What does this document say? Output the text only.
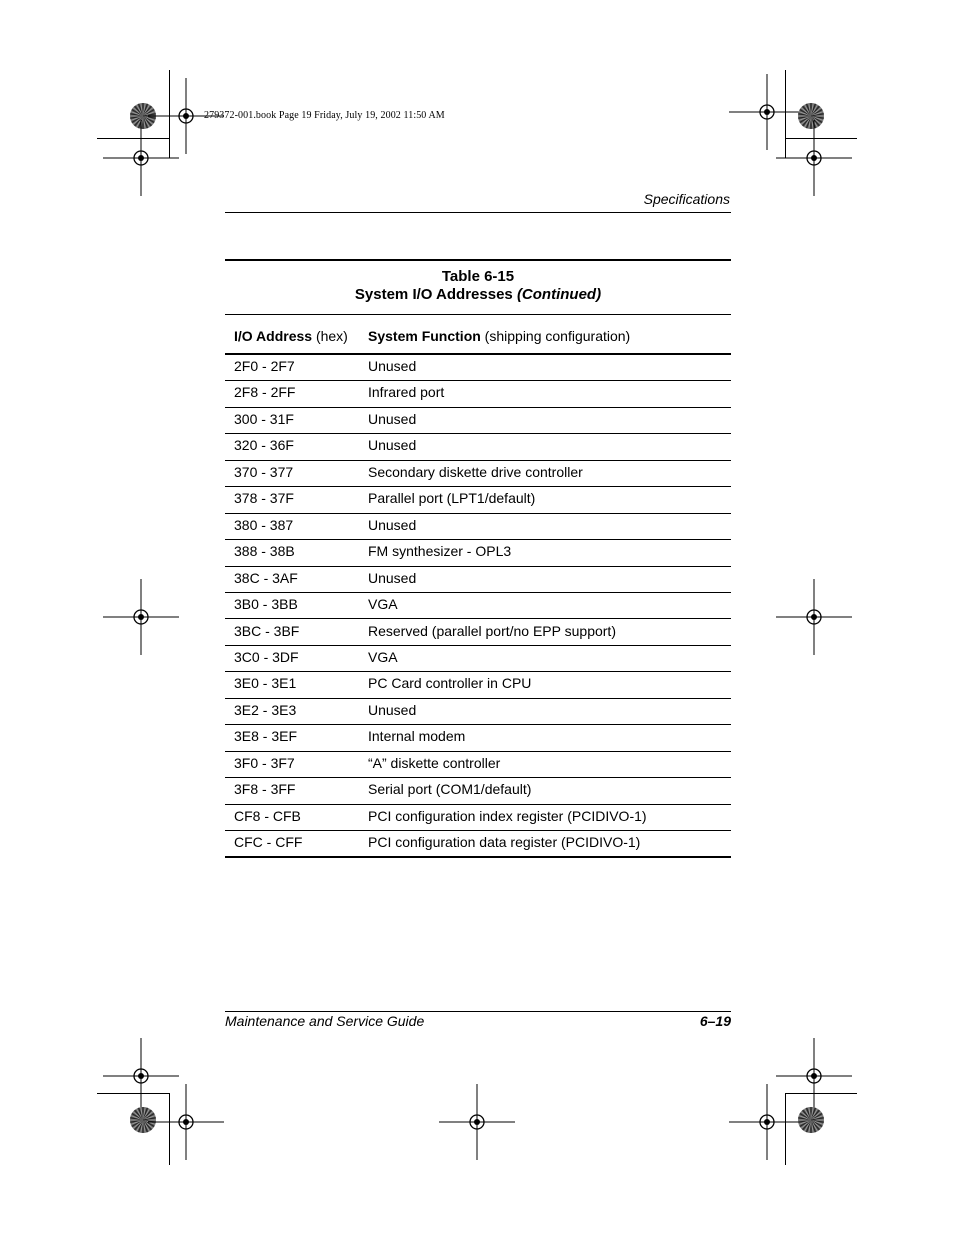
279372-001.book Page 19 Friday, July 19, 2002 11:50 AM
Specifications
Table 6-15
System I/O Addresses (Continued)
I/O Address (hex) System Function (shipping configuration)
2F0 - 2F7	Unused
2F8 - 2FF	Infrared port
300 - 31F	Unused
320 - 36F	Unused
370 - 377	Secondary diskette drive controller
378 - 37F	Parallel port (LPT1/default)
380 - 387	Unused
388 - 38B	FM synthesizer - OPL3
38C - 3AF	Unused
3B0 - 3BB	VGA
3BC - 3BF	Reserved (parallel port/no EPP support)
3C0 - 3DF	VGA
3E0 - 3E1	PC Card controller in CPU
3E2 - 3E3	Unused
3E8 - 3EF	Internal modem
3F0 - 3F7	“A” diskette controller
3F8 - 3FF	Serial port (COM1/default)
CF8 - CFB	PCI configuration index register (PCIDIVO-1)
CFC - CFF	PCI configuration data register (PCIDIVO-1)
Maintenance and Service Guide	6–19
